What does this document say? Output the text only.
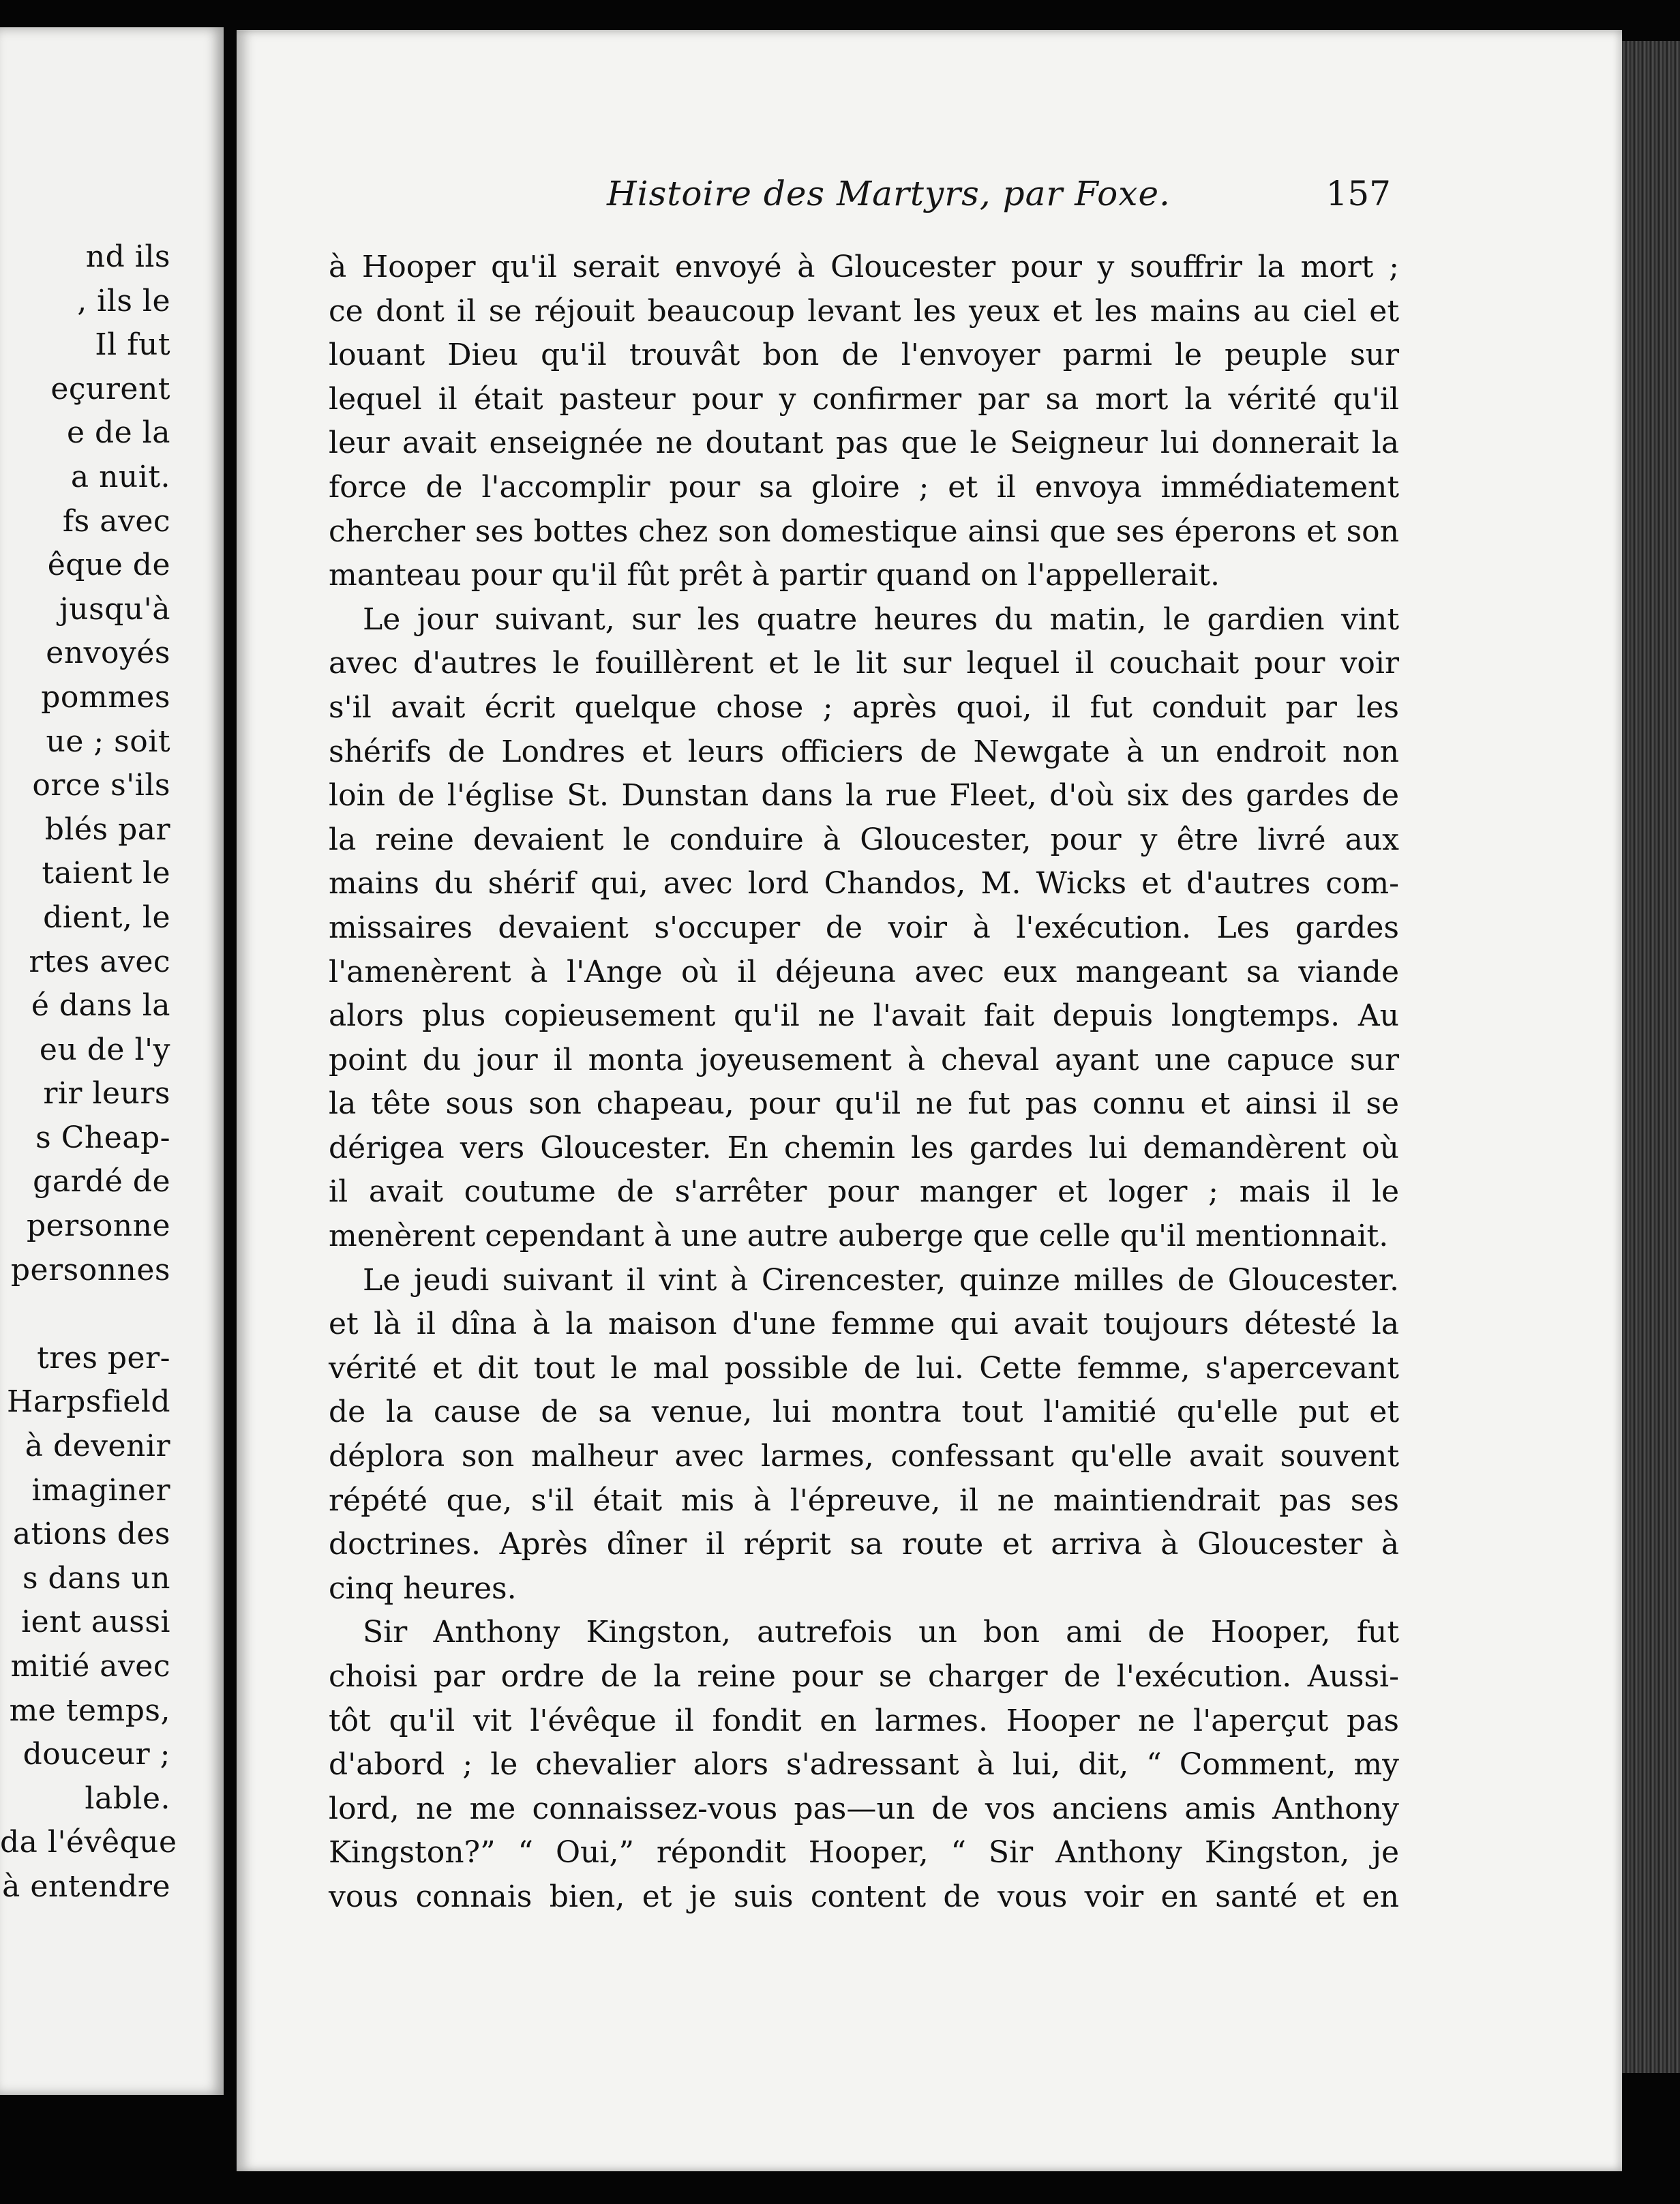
nd ils
, ils le
Il fut
eçurent
e de la
a nuit.
fs avec
êque de
jusqu'à
envoyés
pommes
ue ; soit
orce s'ils
blés par
taient le
dient, le
rtes avec
é dans la
eu de l'y
rir leurs
s Cheap-
gardé de
personne
personnes
tres per-
Harpsfield
à devenir
imaginer
ations des
s dans un
ient aussi
mitié avec
me temps,
douceur ;
lable.
da l'évêque
à entendre
Histoire des Martyrs, par Foxe.	157
à Hooper qu'il serait envoyé à Gloucester pour y souffrir la mort ;
ce dont il se réjouit beaucoup levant les yeux et les mains au ciel et
louant Dieu qu'il trouvât bon de l'envoyer parmi le peuple sur
lequel il était pasteur pour y confirmer par sa mort la vérité qu'il
leur avait enseignée ne doutant pas que le Seigneur lui donnerait la
force de l'accomplir pour sa gloire ; et il envoya immédiatement
chercher ses bottes chez son domestique ainsi que ses éperons et son
manteau pour qu'il fût prêt à partir quand on l'appellerait.
Le jour suivant, sur les quatre heures du matin, le gardien vint
avec d'autres le fouillèrent et le lit sur lequel il couchait pour voir
s'il avait écrit quelque chose ; après quoi, il fut conduit par les
shérifs de Londres et leurs officiers de Newgate à un endroit non
loin de l'église St. Dunstan dans la rue Fleet, d'où six des gardes de
la reine devaient le conduire à Gloucester, pour y être livré aux
mains du shérif qui, avec lord Chandos, M. Wicks et d'autres com-
missaires devaient s'occuper de voir à l'exécution. Les gardes
l'amenèrent à l'Ange où il déjeuna avec eux mangeant sa viande
alors plus copieusement qu'il ne l'avait fait depuis longtemps. Au
point du jour il monta joyeusement à cheval ayant une capuce sur
la tête sous son chapeau, pour qu'il ne fut pas connu et ainsi il se
dérigea vers Gloucester. En chemin les gardes lui demandèrent où
il avait coutume de s'arrêter pour manger et loger ; mais il le
menèrent cependant à une autre auberge que celle qu'il mentionnait.
Le jeudi suivant il vint à Cirencester, quinze milles de Gloucester.
et là il dîna à la maison d'une femme qui avait toujours détesté la
vérité et dit tout le mal possible de lui. Cette femme, s'apercevant
de la cause de sa venue, lui montra tout l'amitié qu'elle put et
déplora son malheur avec larmes, confessant qu'elle avait souvent
répété que, s'il était mis à l'épreuve, il ne maintiendrait pas ses
doctrines. Après dîner il réprit sa route et arriva à Gloucester à
cinq heures.
Sir Anthony Kingston, autrefois un bon ami de Hooper, fut
choisi par ordre de la reine pour se charger de l'exécution. Aussi-
tôt qu'il vit l'évêque il fondit en larmes. Hooper ne l'aperçut pas
d'abord ; le chevalier alors s'adressant à lui, dit, “ Comment, my
lord, ne me connaissez-vous pas—un de vos anciens amis Anthony
Kingston?” “ Oui,” répondit Hooper, “ Sir Anthony Kingston, je
vous connais bien, et je suis content de vous voir en santé et en
